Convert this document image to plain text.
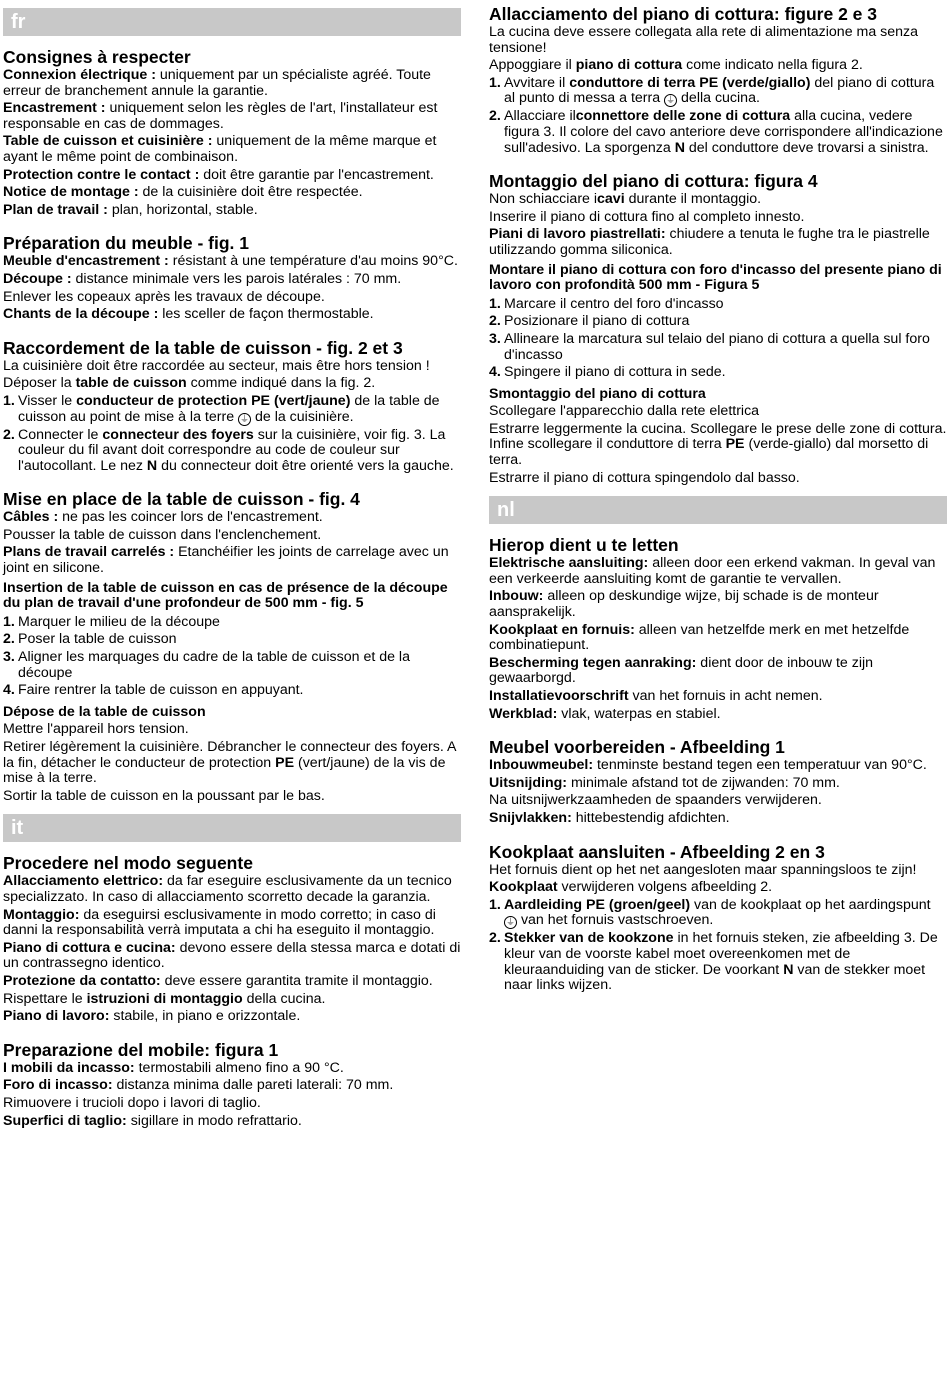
fr
Consignes à respecter

Connexion électrique : uniquement par un spécialiste agréé. Toute erreur de branchement annule la garantie.

Encastrement : uniquement selon les règles de l'art, l'installateur est responsable en cas de dommages.

Table de cuisson et cuisinière : uniquement de la même marque et ayant le même point de combinaison.

Protection contre le contact : doit être garantie par l'encastrement.

Notice de montage : de la cuisinière doit être respectée.

Plan de travail : plan, horizontal, stable.

Préparation du meuble - fig. 1

Meuble d'encastrement : résistant à une température d'au moins 90°C.

Découpe : distance minimale vers les parois latérales : 70 mm.

Enlever les copeaux après les travaux de découpe.

Chants de la découpe : les sceller de façon thermostable.

Raccordement de la table de cuisson - fig. 2 et 3

La cuisinière doit être raccordée au secteur, mais être hors tension !

Déposer la table de cuisson comme indiqué dans la fig. 2.

1. Visser le conducteur de protection PE (vert/jaune) de la table de cuisson au point de mise à la terre ⏚ de la cuisinière.

2. Connecter le connecteur des foyers sur la cuisinière, voir fig. 3. La couleur du fil avant doit correspondre au code de couleur sur l'autocollant. Le nez N du connecteur doit être orienté vers la gauche.

Mise en place de la table de cuisson - fig. 4

Câbles : ne pas les coincer lors de l'encastrement.

Pousser la table de cuisson dans l'enclenchement.

Plans de travail carrelés : Etanchéifier les joints de carrelage avec un joint en silicone.

Insertion de la table de cuisson en cas de présence de la découpe du plan de travail d'une profondeur de 500 mm - fig. 5

1. Marquer le milieu de la découpe

2. Poser la table de cuisson

3. Aligner les marquages du cadre de la table de cuisson et de la découpe

4. Faire rentrer la table de cuisson en appuyant.

Dépose de la table de cuisson

Mettre l'appareil hors tension.

Retirer légèrement la cuisinière. Débrancher le connecteur des foyers. A la fin, détacher le conducteur de protection PE (vert/jaune) de la vis de mise à la terre.

Sortir la table de cuisson en la poussant par le bas.

it
Procedere nel modo seguente

Allacciamento elettrico: da far eseguire esclusivamente da un tecnico specializzato. In caso di allacciamento scorretto decade la garanzia.

Montaggio: da eseguirsi esclusivamente in modo corretto; in caso di danni la responsabilità verrà imputata a chi ha eseguito il montaggio.

Piano di cottura e cucina: devono essere della stessa marca e dotati di un contrassegno identico.

Protezione da contatto: deve essere garantita tramite il montaggio.

Rispettare le istruzioni di montaggio della cucina.

Piano di lavoro: stabile, in piano e orizzontale.

Preparazione del mobile: figura 1

I mobili da incasso: termostabili almeno fino a 90 °C.

Foro di incasso: distanza minima dalle pareti laterali: 70 mm.

Rimuovere i trucioli dopo i lavori di taglio.

Superfici di taglio: sigillare in modo refrattario.

Allacciamento del piano di cottura: figure 2 e 3

La cucina deve essere collegata alla rete di alimentazione ma senza tensione!

Appoggiare il piano di cottura come indicato nella figura 2.

1. Avvitare il conduttore di terra PE (verde/giallo) del piano di cottura al punto di messa a terra ⏚ della cucina.

2. Allacciare ilconnettore delle zone di cottura alla cucina, vedere figura 3. Il colore del cavo anteriore deve corrispondere all'indicazione sull'adesivo. La sporgenza N del conduttore deve trovarsi a sinistra.

Montaggio del piano di cottura: figura 4

Non schiacciare icavi durante il montaggio.

Inserire il piano di cottura fino al completo innesto.

Piani di lavoro piastrellati: chiudere a tenuta le fughe tra le piastrelle utilizzando gomma siliconica.

Montare il piano di cottura con foro d'incasso del presente piano di lavoro con profondità 500 mm - Figura 5

1. Marcare il centro del foro d'incasso

2. Posizionare il piano di cottura

3. Allineare la marcatura sul telaio del piano di cottura a quella sul foro d'incasso

4. Spingere il piano di cottura in sede.

Smontaggio del piano di cottura

Scollegare l'apparecchio dalla rete elettrica

Estrarre leggermente la cucina. Scollegare le prese delle zone di cottura. Infine scollegare il conduttore di terra PE (verde-giallo) dal morsetto di terra.

Estrarre il piano di cottura spingendolo dal basso.

nl
Hierop dient u te letten

Elektrische aansluiting: alleen door een erkend vakman. In geval van een verkeerde aansluiting komt de garantie te vervallen.

Inbouw: alleen op deskundige wijze, bij schade is de monteur aansprakelijk.

Kookplaat en fornuis: alleen van hetzelfde merk en met hetzelfde combinatiepunt.

Bescherming tegen aanraking: dient door de inbouw te zijn gewaarborgd.

Installatievoorschrift van het fornuis in acht nemen.

Werkblad: vlak, waterpas en stabiel.

Meubel voorbereiden - Afbeelding 1

Inbouwmeubel: tenminste bestand tegen een temperatuur van 90°C.

Uitsnijding: minimale afstand tot de zijwanden: 70 mm.

Na uitsnijwerkzaamheden de spaanders verwijderen.

Snijvlakken: hittebestendig afdichten.

Kookplaat aansluiten - Afbeelding 2 en 3

Het fornuis dient op het net aangesloten maar spanningsloos te zijn!

Kookplaat verwijderen volgens afbeelding 2.

1. Aardleiding PE (groen/geel) van de kookplaat op het aardingspunt ⏚ van het fornuis vastschroeven.

2. Stekker van de kookzone in het fornuis steken, zie afbeelding 3. De kleur van de voorste kabel moet overeenkomen met de kleuraanduiding van de sticker. De voorkant N van de stekker moet naar links wijzen.
